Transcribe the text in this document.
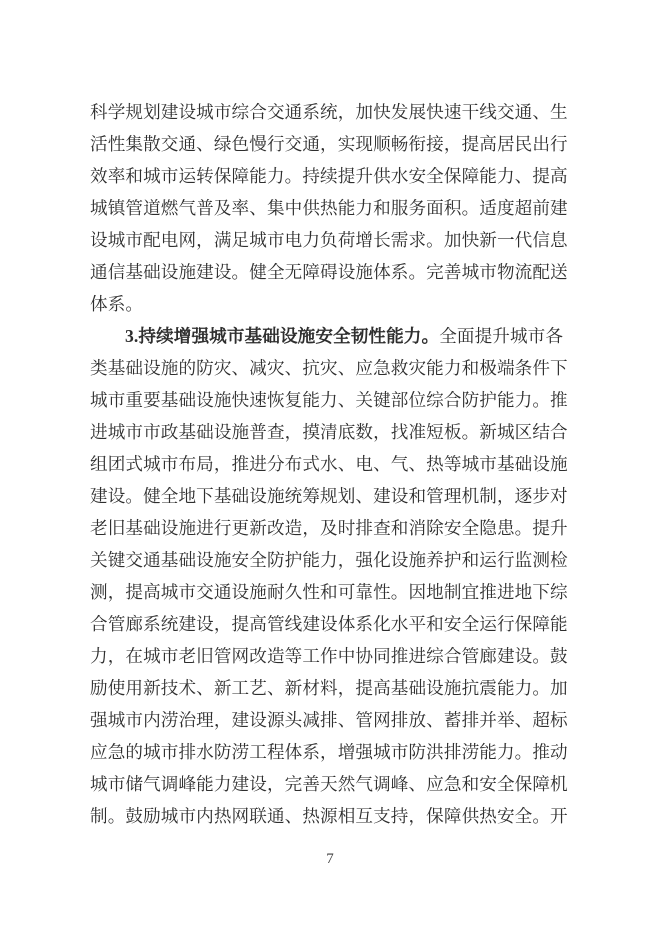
科学规划建设城市综合交通系统，加快发展快速干线交通、生
活性集散交通、绿色慢行交通，实现顺畅衔接，提高居民出行
效率和城市运转保障能力。持续提升供水安全保障能力、提高
城镇管道燃气普及率、集中供热能力和服务面积。适度超前建
设城市配电网，满足城市电力负荷增长需求。加快新一代信息
通信基础设施建设。健全无障碍设施体系。完善城市物流配送
体系。
3.持续增强城市基础设施安全韧性能力。全面提升城市各
类基础设施的防灾、减灾、抗灾、应急救灾能力和极端条件下
城市重要基础设施快速恢复能力、关键部位综合防护能力。推
进城市市政基础设施普查，摸清底数，找准短板。新城区结合
组团式城市布局，推进分布式水、电、气、热等城市基础设施
建设。健全地下基础设施统筹规划、建设和管理机制，逐步对
老旧基础设施进行更新改造，及时排查和消除安全隐患。提升
关键交通基础设施安全防护能力，强化设施养护和运行监测检
测，提高城市交通设施耐久性和可靠性。因地制宜推进地下综
合管廊系统建设，提高管线建设体系化水平和安全运行保障能
力，在城市老旧管网改造等工作中协同推进综合管廊建设。鼓
励使用新技术、新工艺、新材料，提高基础设施抗震能力。加
强城市内涝治理，建设源头减排、管网排放、蓄排并举、超标
应急的城市排水防涝工程体系，增强城市防洪排涝能力。推动
城市储气调峰能力建设，完善天然气调峰、应急和安全保障机
制。鼓励城市内热网联通、热源相互支持，保障供热安全。开
7
